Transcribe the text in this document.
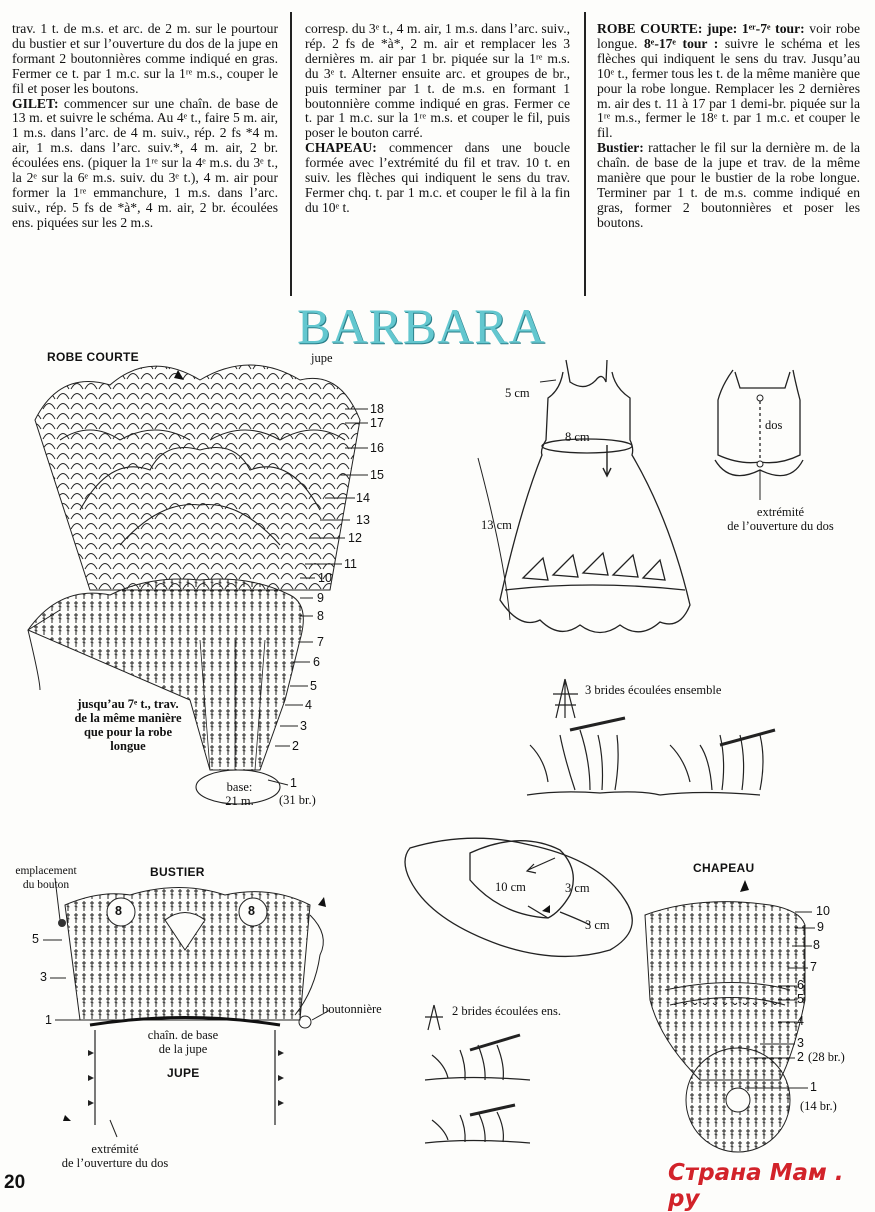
trav. 1 t. de m.s. et arc. de 2 m. sur le pourtour du bustier et sur l’ouverture du dos de la jupe en formant 2 boutonnières comme indiqué en gras. Fermer ce t. par 1 m.c. sur la 1ʳᵉ m.s., couper le fil et poser les boutons.
GILET: commencer sur une chaîn. de base de 13 m. et suivre le schéma. Au 4ᵉ t., faire 5 m. air, 1 m.s. dans l’arc. de 4 m. suiv., rép. 2 fs *4 m. air, 1 m.s. dans l’arc. suiv.*, 4 m. air, 2 br. écoulées ens. (piquer la 1ʳᵉ sur la 4ᵉ m.s. du 3ᵉ t., la 2ᵉ sur la 6ᵉ m.s. suiv. du 3ᵉ t.), 4 m. air pour former la 1ʳᵉ emmanchure, 1 m.s. dans l’arc. suiv., rép. 5 fs de *à*, 4 m. air, 2 br. écoulées ens. piquées sur les 2 m.s.
corresp. du 3ᵉ t., 4 m. air, 1 m.s. dans l’arc. suiv., rép. 2 fs de *à*, 2 m. air et remplacer les 3 dernières m. air par 1 br. piquée sur la 1ʳᵉ m.s. du 3ᵉ t. Alterner ensuite arc. et groupes de br., puis terminer par 1 t. de m.s. en formant 1 boutonnière comme indiqué en gras. Fermer ce t. par 1 m.c. sur la 1ʳᵉ m.s. et couper le fil, puis poser le bouton carré.
CHAPEAU: commencer dans une boucle formée avec l’extrémité du fil et trav. 10 t. en suiv. les flèches qui indiquent le sens du trav. Fermer chq. t. par 1 m.c. et couper le fil à la fin du 10ᵉ t.
ROBE COURTE: jupe: 1ᵉʳ-7ᵉ tour: voir robe longue. 8ᵉ-17ᵉ tour : suivre le schéma et les flèches qui indiquent le sens du trav. Jusqu’au 10ᵉ t., fermer tous les t. de la même manière que pour la robe longue. Remplacer les 2 dernières m. air des t. 11 à 17 par 1 demi-br. piquée sur la 1ʳᵉ m.s., fermer le 18ᵉ t. par 1 m.c. et couper le fil.
Bustier: rattacher le fil sur la dernière m. de la chaîn. de base de la jupe et trav. de la même manière que pour le bustier de la robe longue. Terminer par 1 t. de m.s. comme indiqué en gras, former 2 boutonnières et poser les boutons.
BARBARA
ROBE COURTE	jupe
18
17
16
15
14
13
12
11
10
9
8
7
6
5
4
3
2
1
(31 br.)
jusqu’au 7ᵉ t., trav.
de la même manière
que pour la robe
longue
base:
21 m.
5 cm
8 cm
13 cm
dos
extrémité
de l’ouverture du dos
3 brides écoulées ensemble
2 brides écoulées ens.
emplacement
du bouton
BUSTIER
8	8
5
3
1
boutonnière
chaîn. de base
de la jupe
JUPE
extrémité
de l’ouverture du dos
10 cm	3 cm
3 cm
CHAPEAU
10
9
8
7
6
5
4
3
2 (28 br.)
1
(14 br.)
20	Страна Мам . ру
